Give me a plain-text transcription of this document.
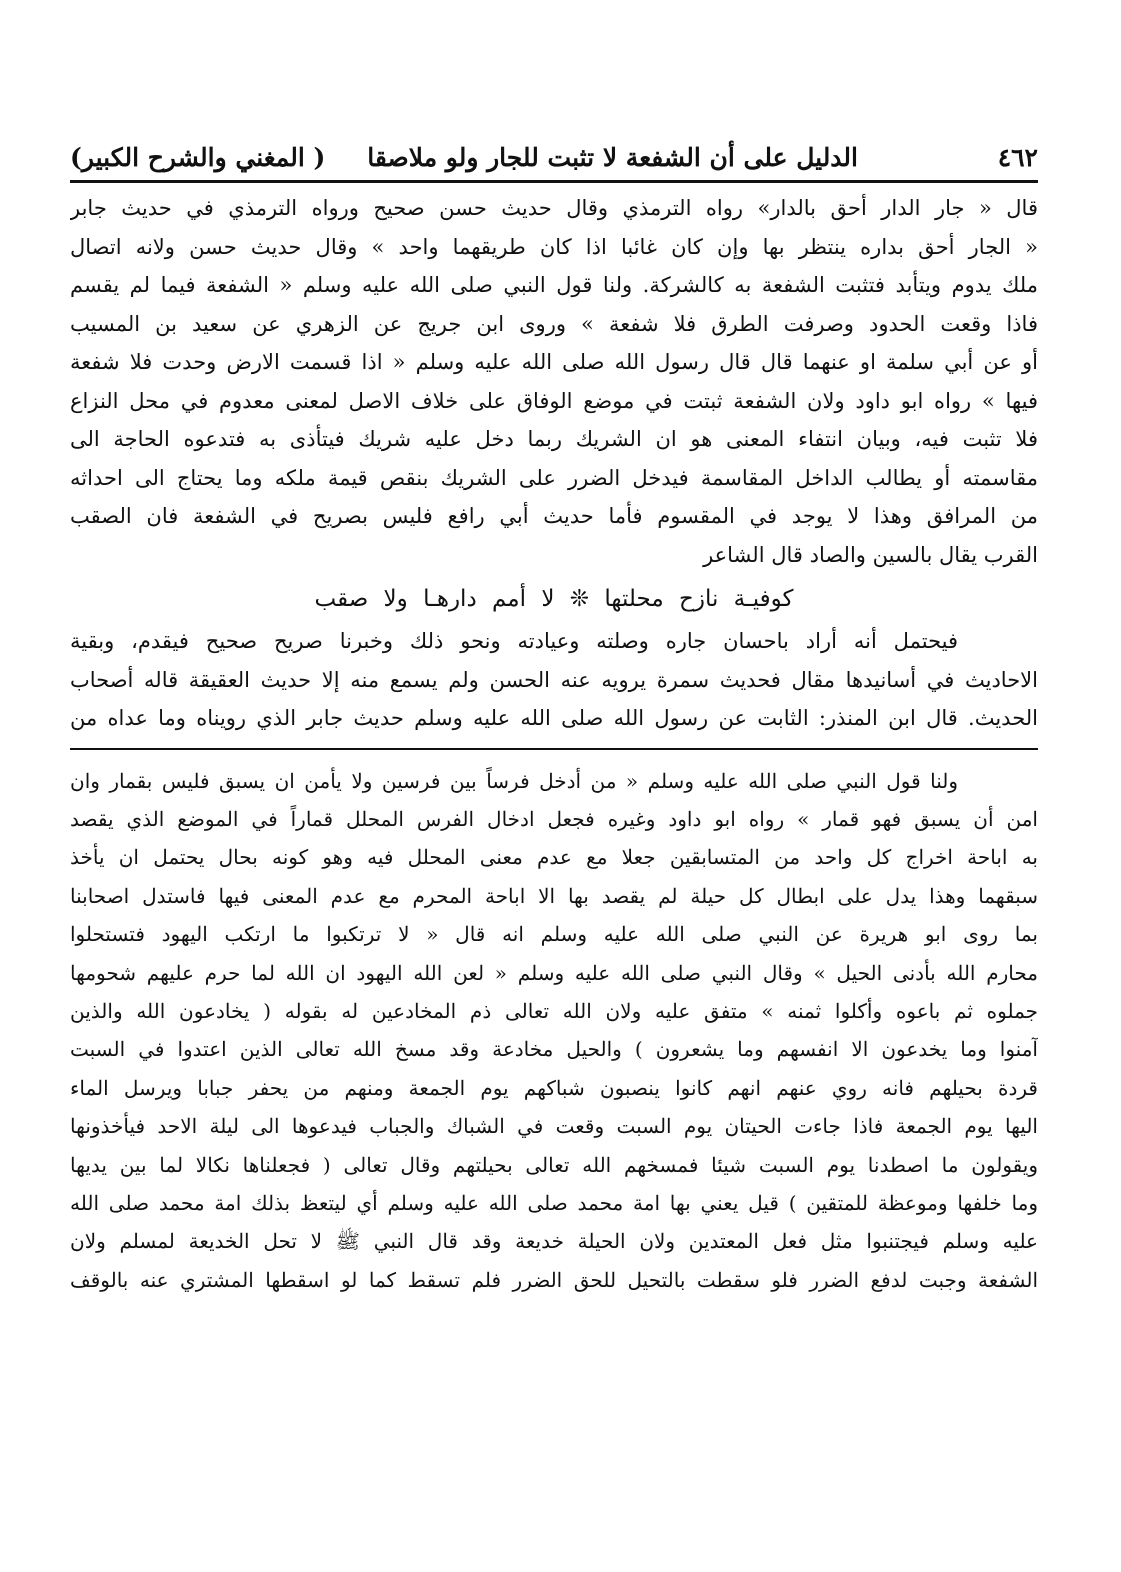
٤٦٢
الدليل على أن الشفعة لا تثبت للجار ولو ملاصقا
( المغني والشرح الكبير)
قال « جار الدار أحق بالدار» رواه الترمذي وقال حديث حسن صحيح ورواه الترمذي في حديث جابر
« الجار أحق بداره ينتظر بها وإن كان غائبا اذا كان طريقهما واحد » وقال حديث حسن ولانه اتصال
ملك يدوم ويتأبد فتثبت الشفعة به كالشركة. ولنا قول النبي صلى الله عليه وسلم « الشفعة فيما لم يقسم
فاذا وقعت الحدود وصرفت الطرق فلا شفعة » وروى ابن جريج عن الزهري عن سعيد بن المسيب
أو عن أبي سلمة او عنهما قال قال رسول الله صلى الله عليه وسلم « اذا قسمت الارض وحدت فلا شفعة
فيها » رواه ابو داود ولان الشفعة ثبتت في موضع الوفاق على خلاف الاصل لمعنى معدوم في محل النزاع
فلا تثبت فيه، وبيان انتفاء المعنى هو ان الشريك ربما دخل عليه شريك فيتأذى به فتدعوه الحاجة الى
مقاسمته أو يطالب الداخل المقاسمة فيدخل الضرر على الشريك بنقص قيمة ملكه وما يحتاج الى احداثه
من المرافق وهذا لا يوجد في المقسوم فأما حديث أبي رافع فليس بصريح في الشفعة فان الصقب
القرب يقال بالسين والصاد قال الشاعر
كوفيـة نازح محلتها ❊ لا أمم دارهـا ولا صقب
فيحتمل أنه أراد باحسان جاره وصلته وعيادته ونحو ذلك وخبرنا صريح صحيح فيقدم، وبقية
الاحاديث في أسانيدها مقال فحديث سمرة يرويه عنه الحسن ولم يسمع منه إلا حديث العقيقة قاله أصحاب
الحديث. قال ابن المنذر: الثابت عن رسول الله صلى الله عليه وسلم حديث جابر الذي رويناه وما عداه من
ولنا قول النبي صلى الله عليه وسلم « من أدخل فرساً بين فرسين ولا يأمن ان يسبق فليس بقمار وان
امن أن يسبق فهو قمار » رواه ابو داود وغيره فجعل ادخال الفرس المحلل قماراً في الموضع الذي يقصد
به اباحة اخراج كل واحد من المتسابقين جعلا مع عدم معنى المحلل فيه وهو كونه بحال يحتمل ان يأخذ
سبقهما وهذا يدل على ابطال كل حيلة لم يقصد بها الا اباحة المحرم مع عدم المعنى فيها فاستدل اصحابنا
بما روى ابو هريرة عن النبي صلى الله عليه وسلم انه قال « لا ترتكبوا ما ارتكب اليهود فتستحلوا
محارم الله بأدنى الحيل » وقال النبي صلى الله عليه وسلم « لعن الله اليهود ان الله لما حرم عليهم شحومها
جملوه ثم باعوه وأكلوا ثمنه » متفق عليه ولان الله تعالى ذم المخادعين له بقوله ( يخادعون الله والذين
آمنوا وما يخدعون الا انفسهم وما يشعرون ) والحيل مخادعة وقد مسخ الله تعالى الذين اعتدوا في السبت
قردة بحيلهم فانه روي عنهم انهم كانوا ينصبون شباكهم يوم الجمعة ومنهم من يحفر جبابا ويرسل الماء
اليها يوم الجمعة فاذا جاءت الحيتان يوم السبت وقعت في الشباك والجباب فيدعوها الى ليلة الاحد فيأخذونها
ويقولون ما اصطدنا يوم السبت شيئا فمسخهم الله تعالى بحيلتهم وقال تعالى ( فجعلناها نكالا لما بين يديها
وما خلفها وموعظة للمتقين ) قيل يعني بها امة محمد صلى الله عليه وسلم أي ليتعظ بذلك امة محمد صلى الله
عليه وسلم فيجتنبوا مثل فعل المعتدين ولان الحيلة خديعة وقد قال النبي ﷺ لا تحل الخديعة لمسلم ولان
الشفعة وجبت لدفع الضرر فلو سقطت بالتحيل للحق الضرر فلم تسقط كما لو اسقطها المشتري عنه بالوقف
